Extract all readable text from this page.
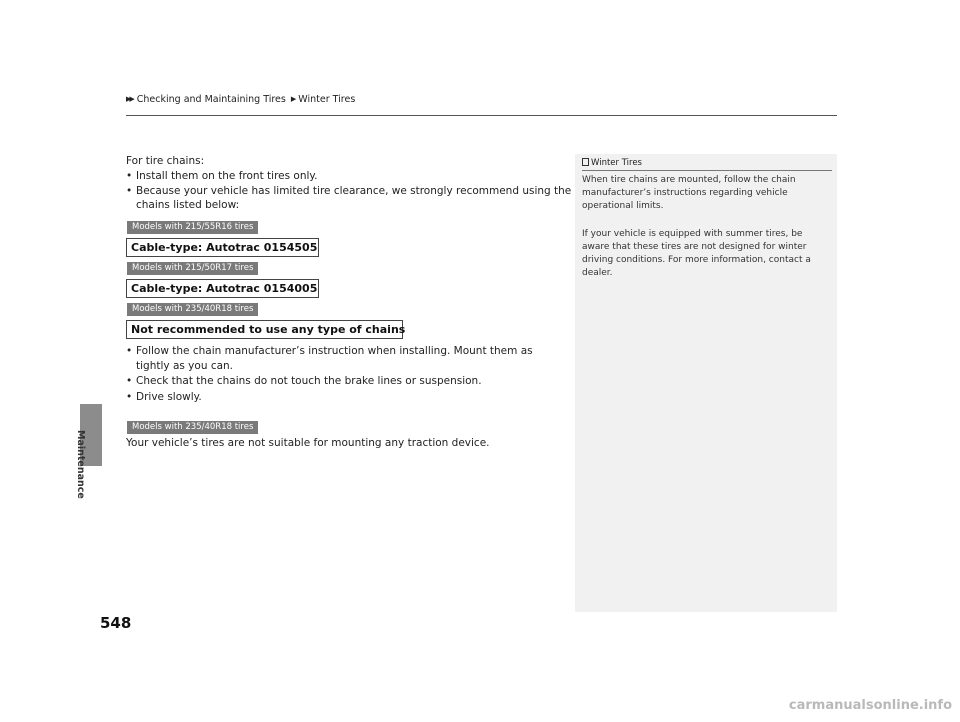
▶▶ Checking and Maintaining Tires ▶ Winter Tires
Maintenance
548
For tire chains:
• Install them on the front tires only.
• Because your vehicle has limited tire clearance, we strongly recommend using the
chains listed below:
Models with 215/55R16 tires
Cable-type: Autotrac 0154505
Models with 215/50R17 tires
Cable-type: Autotrac 0154005
Models with 235/40R18 tires
Not recommended to use any type of chains
• Follow the chain manufacturer’s instruction when installing. Mount them as
tightly as you can.
• Check that the chains do not touch the brake lines or suspension.
• Drive slowly.
Models with 235/40R18 tires
Your vehicle’s tires are not suitable for mounting any traction device.
Winter Tires
When tire chains are mounted, follow the chain
manufacturer’s instructions regarding vehicle
operational limits.
If your vehicle is equipped with summer tires, be
aware that these tires are not designed for winter
driving conditions. For more information, contact a
dealer.
carmanualsonline.info
